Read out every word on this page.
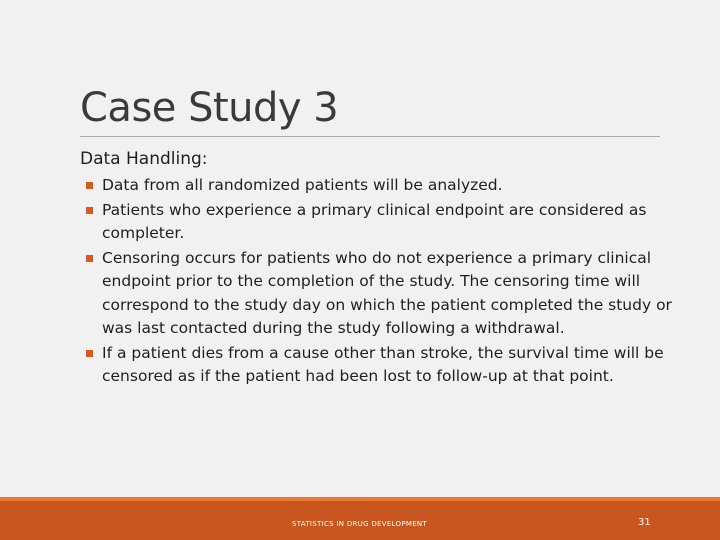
Case Study 3
Data Handling:
Data from all randomized patients will be analyzed.
Patients who experience a primary clinical endpoint are considered as completer.
Censoring occurs for patients who do not experience a primary clinical endpoint prior to the completion of the study. The censoring time will correspond to the study day on which the patient completed the study or was last contacted during the study following a withdrawal.
If a patient dies from a cause other than stroke, the survival time will be censored as if the patient had been lost to follow-up at that point.
STATISTICS IN DRUG DEVELOPMENT	31
